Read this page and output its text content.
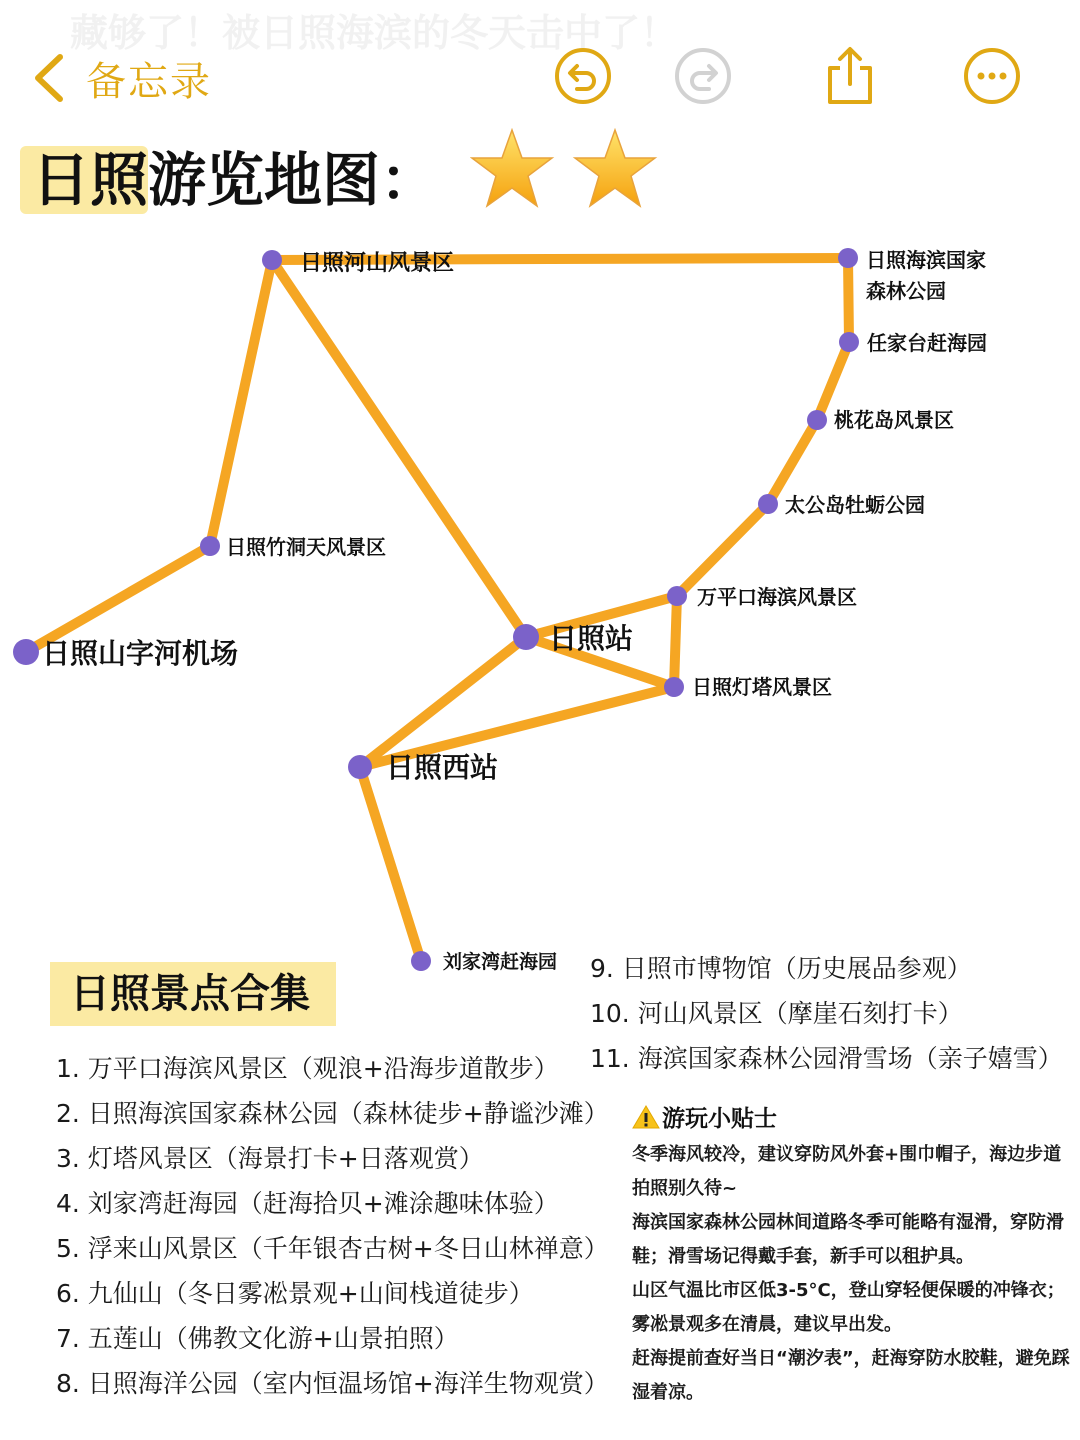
藏够了！被日照海滨的冬天击中了！
备忘录
日照游览地图：
日照河山风景区	日照海滨国家
森林公园
任家台赶海园
桃花岛风景区
太公岛牡蛎公园
万平口海滨风景区
日照站
日照灯塔风景区
日照竹洞天风景区
日照山字河机场
日照西站
刘家湾赶海园
日照景点合集
1. 万平口海滨风景区（观浪+沿海步道散步）
2. 日照海滨国家森林公园（森林徒步+静谧沙滩）
3. 灯塔风景区（海景打卡+日落观赏）
4. 刘家湾赶海园（赶海拾贝+滩涂趣味体验）
5. 浮来山风景区（千年银杏古树+冬日山林禅意）
6. 九仙山（冬日雾凇景观+山间栈道徒步）
7. 五莲山（佛教文化游+山景拍照）
8. 日照海洋公园（室内恒温场馆+海洋生物观赏）
9. 日照市博物馆（历史展品参观）
10. 河山风景区（摩崖石刻打卡）
11. 海滨国家森林公园滑雪场（亲子嬉雪）
游玩小贴士

冬季海风较冷，建议穿防风外套+围巾帽子，海边步道拍照别久待~

海滨国家森林公园林间道路冬季可能略有湿滑，穿防滑鞋；滑雪场记得戴手套，新手可以租护具。

山区气温比市区低3-5°C，登山穿轻便保暖的冲锋衣；雾凇景观多在清晨，建议早出发。

赶海提前查好当日“潮汐表”，赶海穿防水胶鞋，避免踩湿着凉。
